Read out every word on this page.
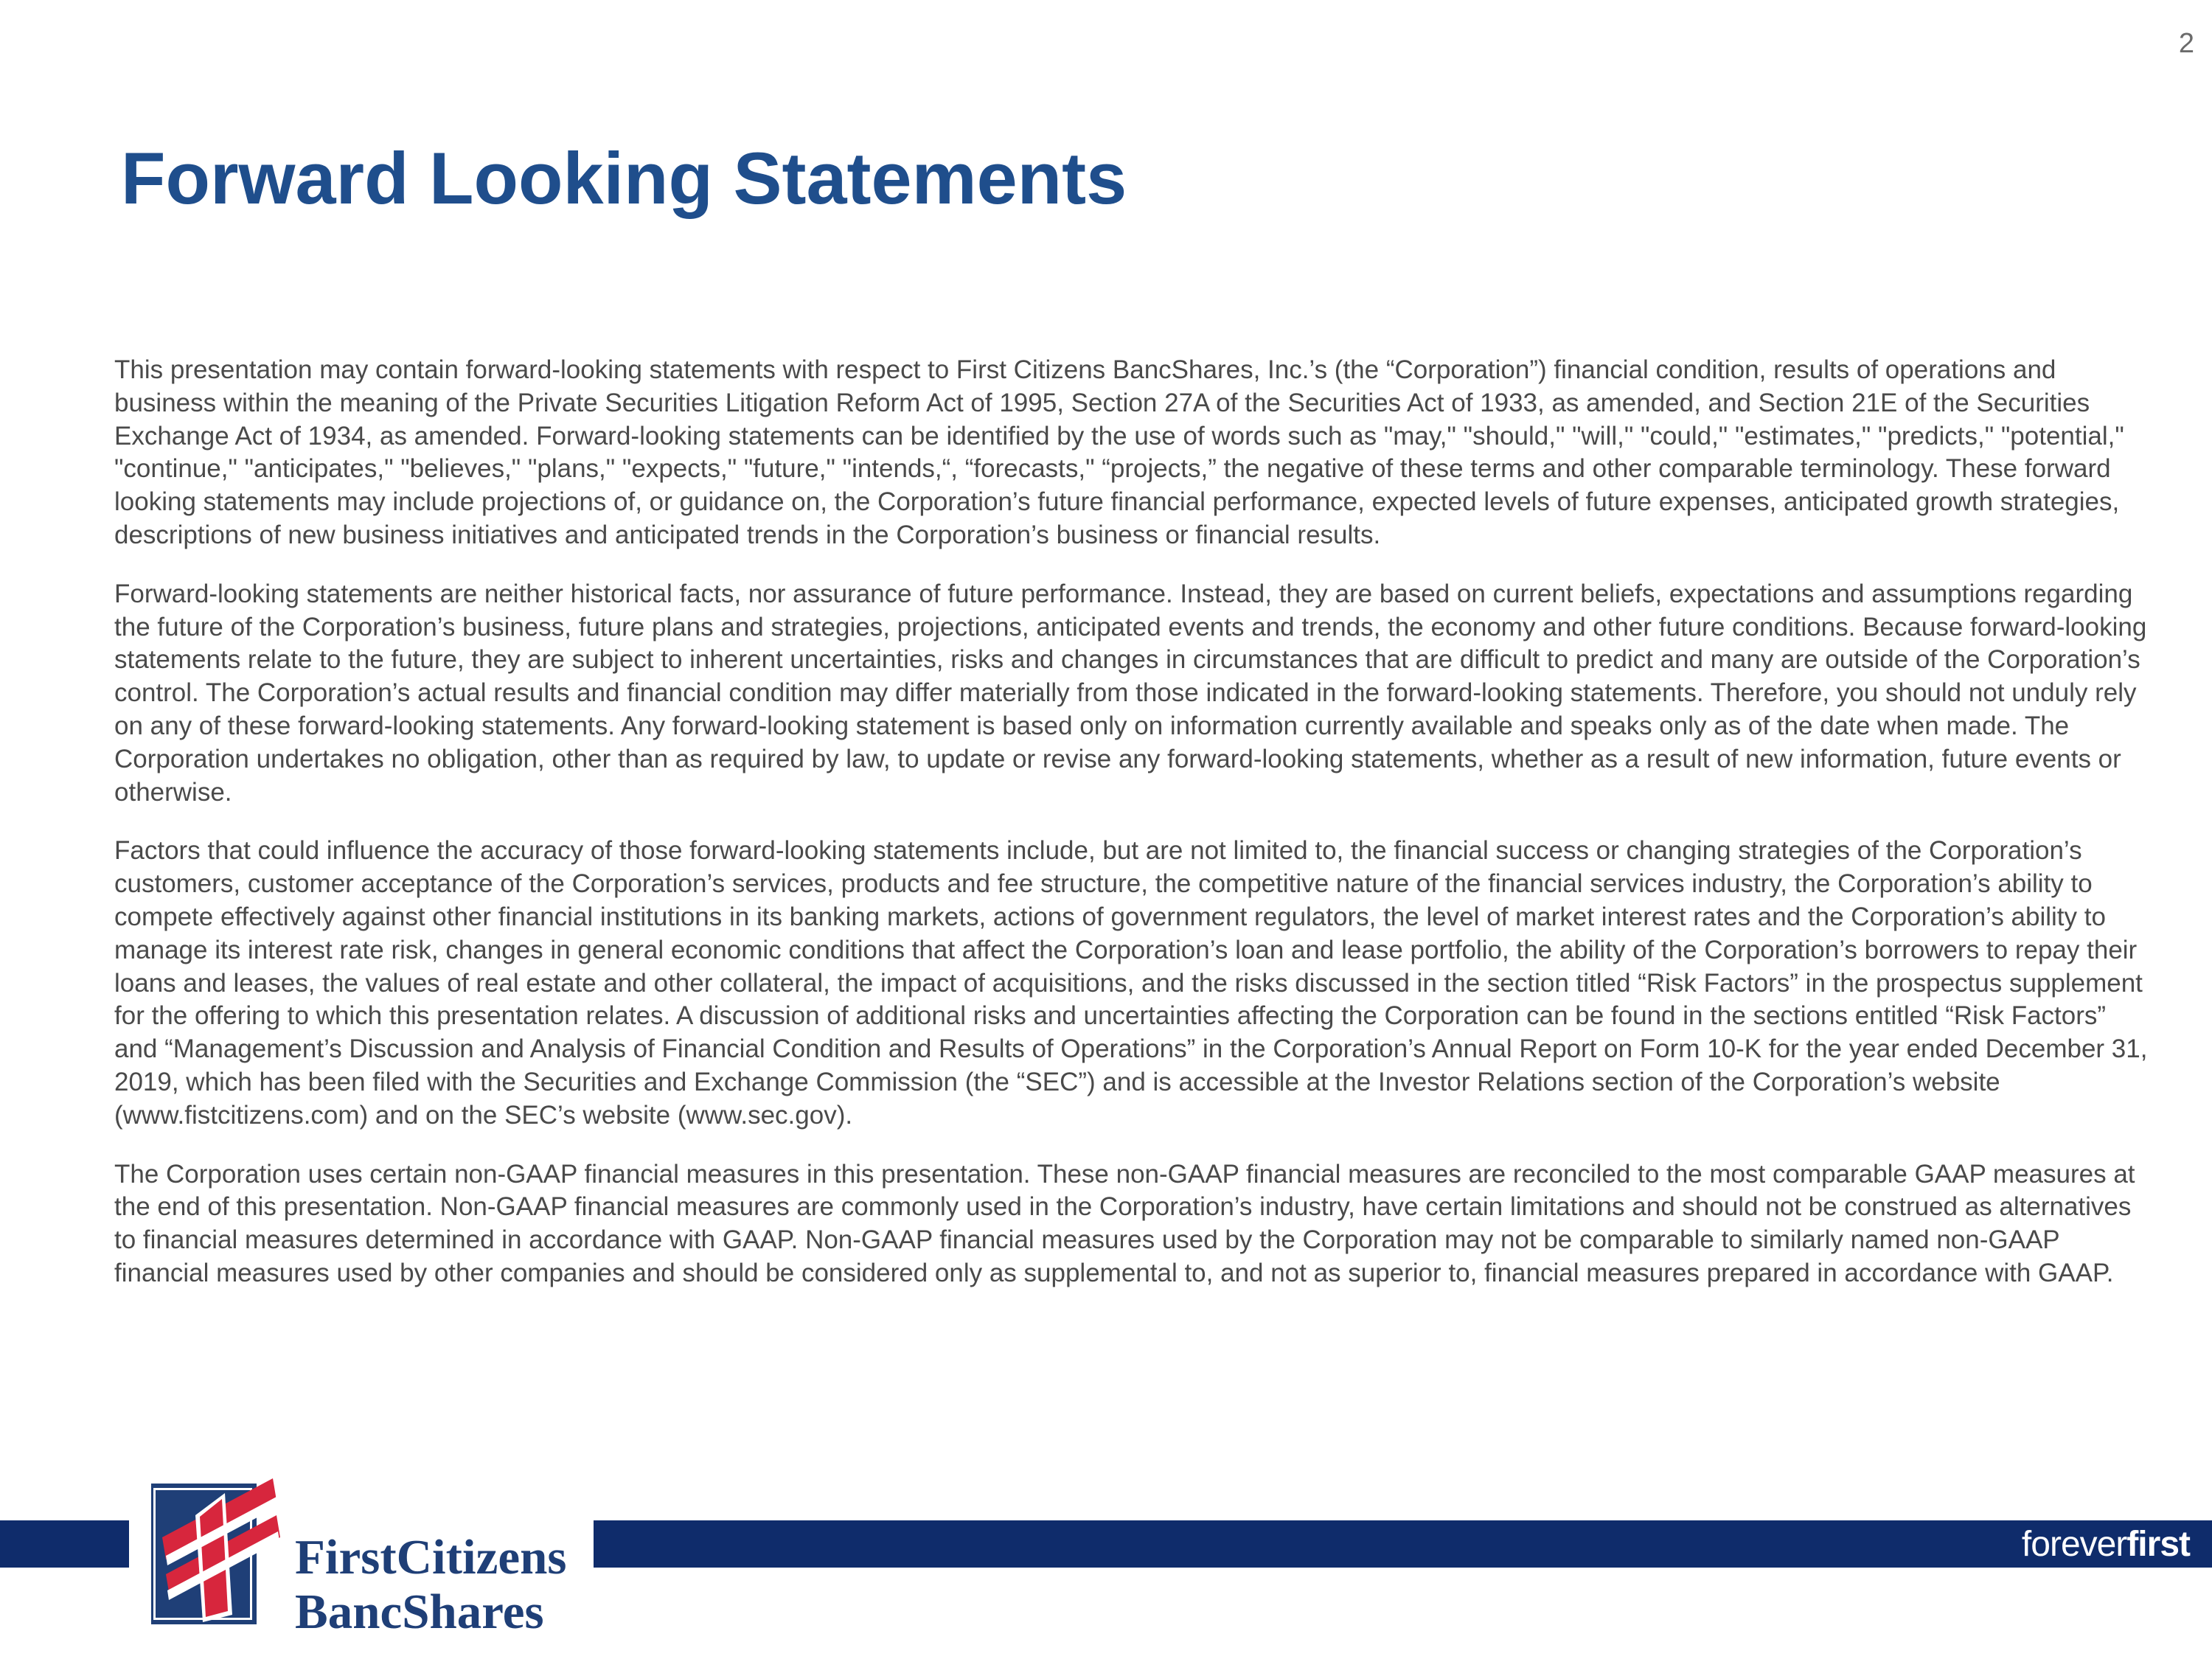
2
Forward Looking Statements

This presentation may contain forward-looking statements with respect to First Citizens BancShares, Inc.’s (the “Corporation”) financial condition, results of operations and business within the meaning of the Private Securities Litigation Reform Act of 1995, Section 27A of the Securities Act of 1933, as amended, and Section 21E of the Securities Exchange Act of 1934, as amended. Forward-looking statements can be identified by the use of words such as "may," "should," "will," "could," "estimates," "predicts," "potential," "continue," "anticipates," "believes," "plans," "expects," "future," "intends,“, “forecasts," “projects,” the negative of these terms and other comparable terminology. These forward looking statements may include projections of, or guidance on, the Corporation’s future financial performance, expected levels of future expenses, anticipated growth strategies, descriptions of new business initiatives and anticipated trends in the Corporation’s business or financial results.

Forward-looking statements are neither historical facts, nor assurance of future performance. Instead, they are based on current beliefs, expectations and assumptions regarding the future of the Corporation’s business, future plans and strategies, projections, anticipated events and trends, the economy and other future conditions. Because forward-looking statements relate to the future, they are subject to inherent uncertainties, risks and changes in circumstances that are difficult to predict and many are outside of the Corporation’s control. The Corporation’s actual results and financial condition may differ materially from those indicated in the forward-looking statements. Therefore, you should not unduly rely on any of these forward-looking statements. Any forward-looking statement is based only on information currently available and speaks only as of the date when made. The Corporation undertakes no obligation, other than as required by law, to update or revise any forward-looking statements, whether as a result of new information, future events or otherwise.

Factors that could influence the accuracy of those forward-looking statements include, but are not limited to, the financial success or changing strategies of the Corporation’s customers, customer acceptance of the Corporation’s services, products and fee structure, the competitive nature of the financial services industry, the Corporation’s ability to compete effectively against other financial institutions in its banking markets, actions of government regulators, the level of market interest rates and the Corporation’s ability to manage its interest rate risk, changes in general economic conditions that affect the Corporation’s loan and lease portfolio, the ability of the Corporation’s borrowers to repay their loans and leases, the values of real estate and other collateral, the impact of acquisitions, and the risks discussed in the section titled “Risk Factors” in the prospectus supplement for the offering to which this presentation relates. A discussion of additional risks and uncertainties affecting the Corporation can be found in the sections entitled “Risk Factors” and “Management’s Discussion and Analysis of Financial Condition and Results of Operations” in the Corporation’s Annual Report on Form 10-K for the year ended December 31, 2019, which has been filed with the Securities and Exchange Commission (the “SEC”) and is accessible at the Investor Relations section of the Corporation’s website (www.fistcitizens.com) and on the SEC’s website (www.sec.gov).

The Corporation uses certain non-GAAP financial measures in this presentation. These non-GAAP financial measures are reconciled to the most comparable GAAP measures at the end of this presentation. Non-GAAP financial measures are commonly used in the Corporation’s industry, have certain limitations and should not be construed as alternatives to financial measures determined in accordance with GAAP. Non-GAAP financial measures used by the Corporation may not be comparable to similarly named non-GAAP financial measures used by other companies and should be considered only as supplemental to, and not as superior to, financial measures prepared in accordance with GAAP.

foreverfirst
FirstCitizens
BancShares
